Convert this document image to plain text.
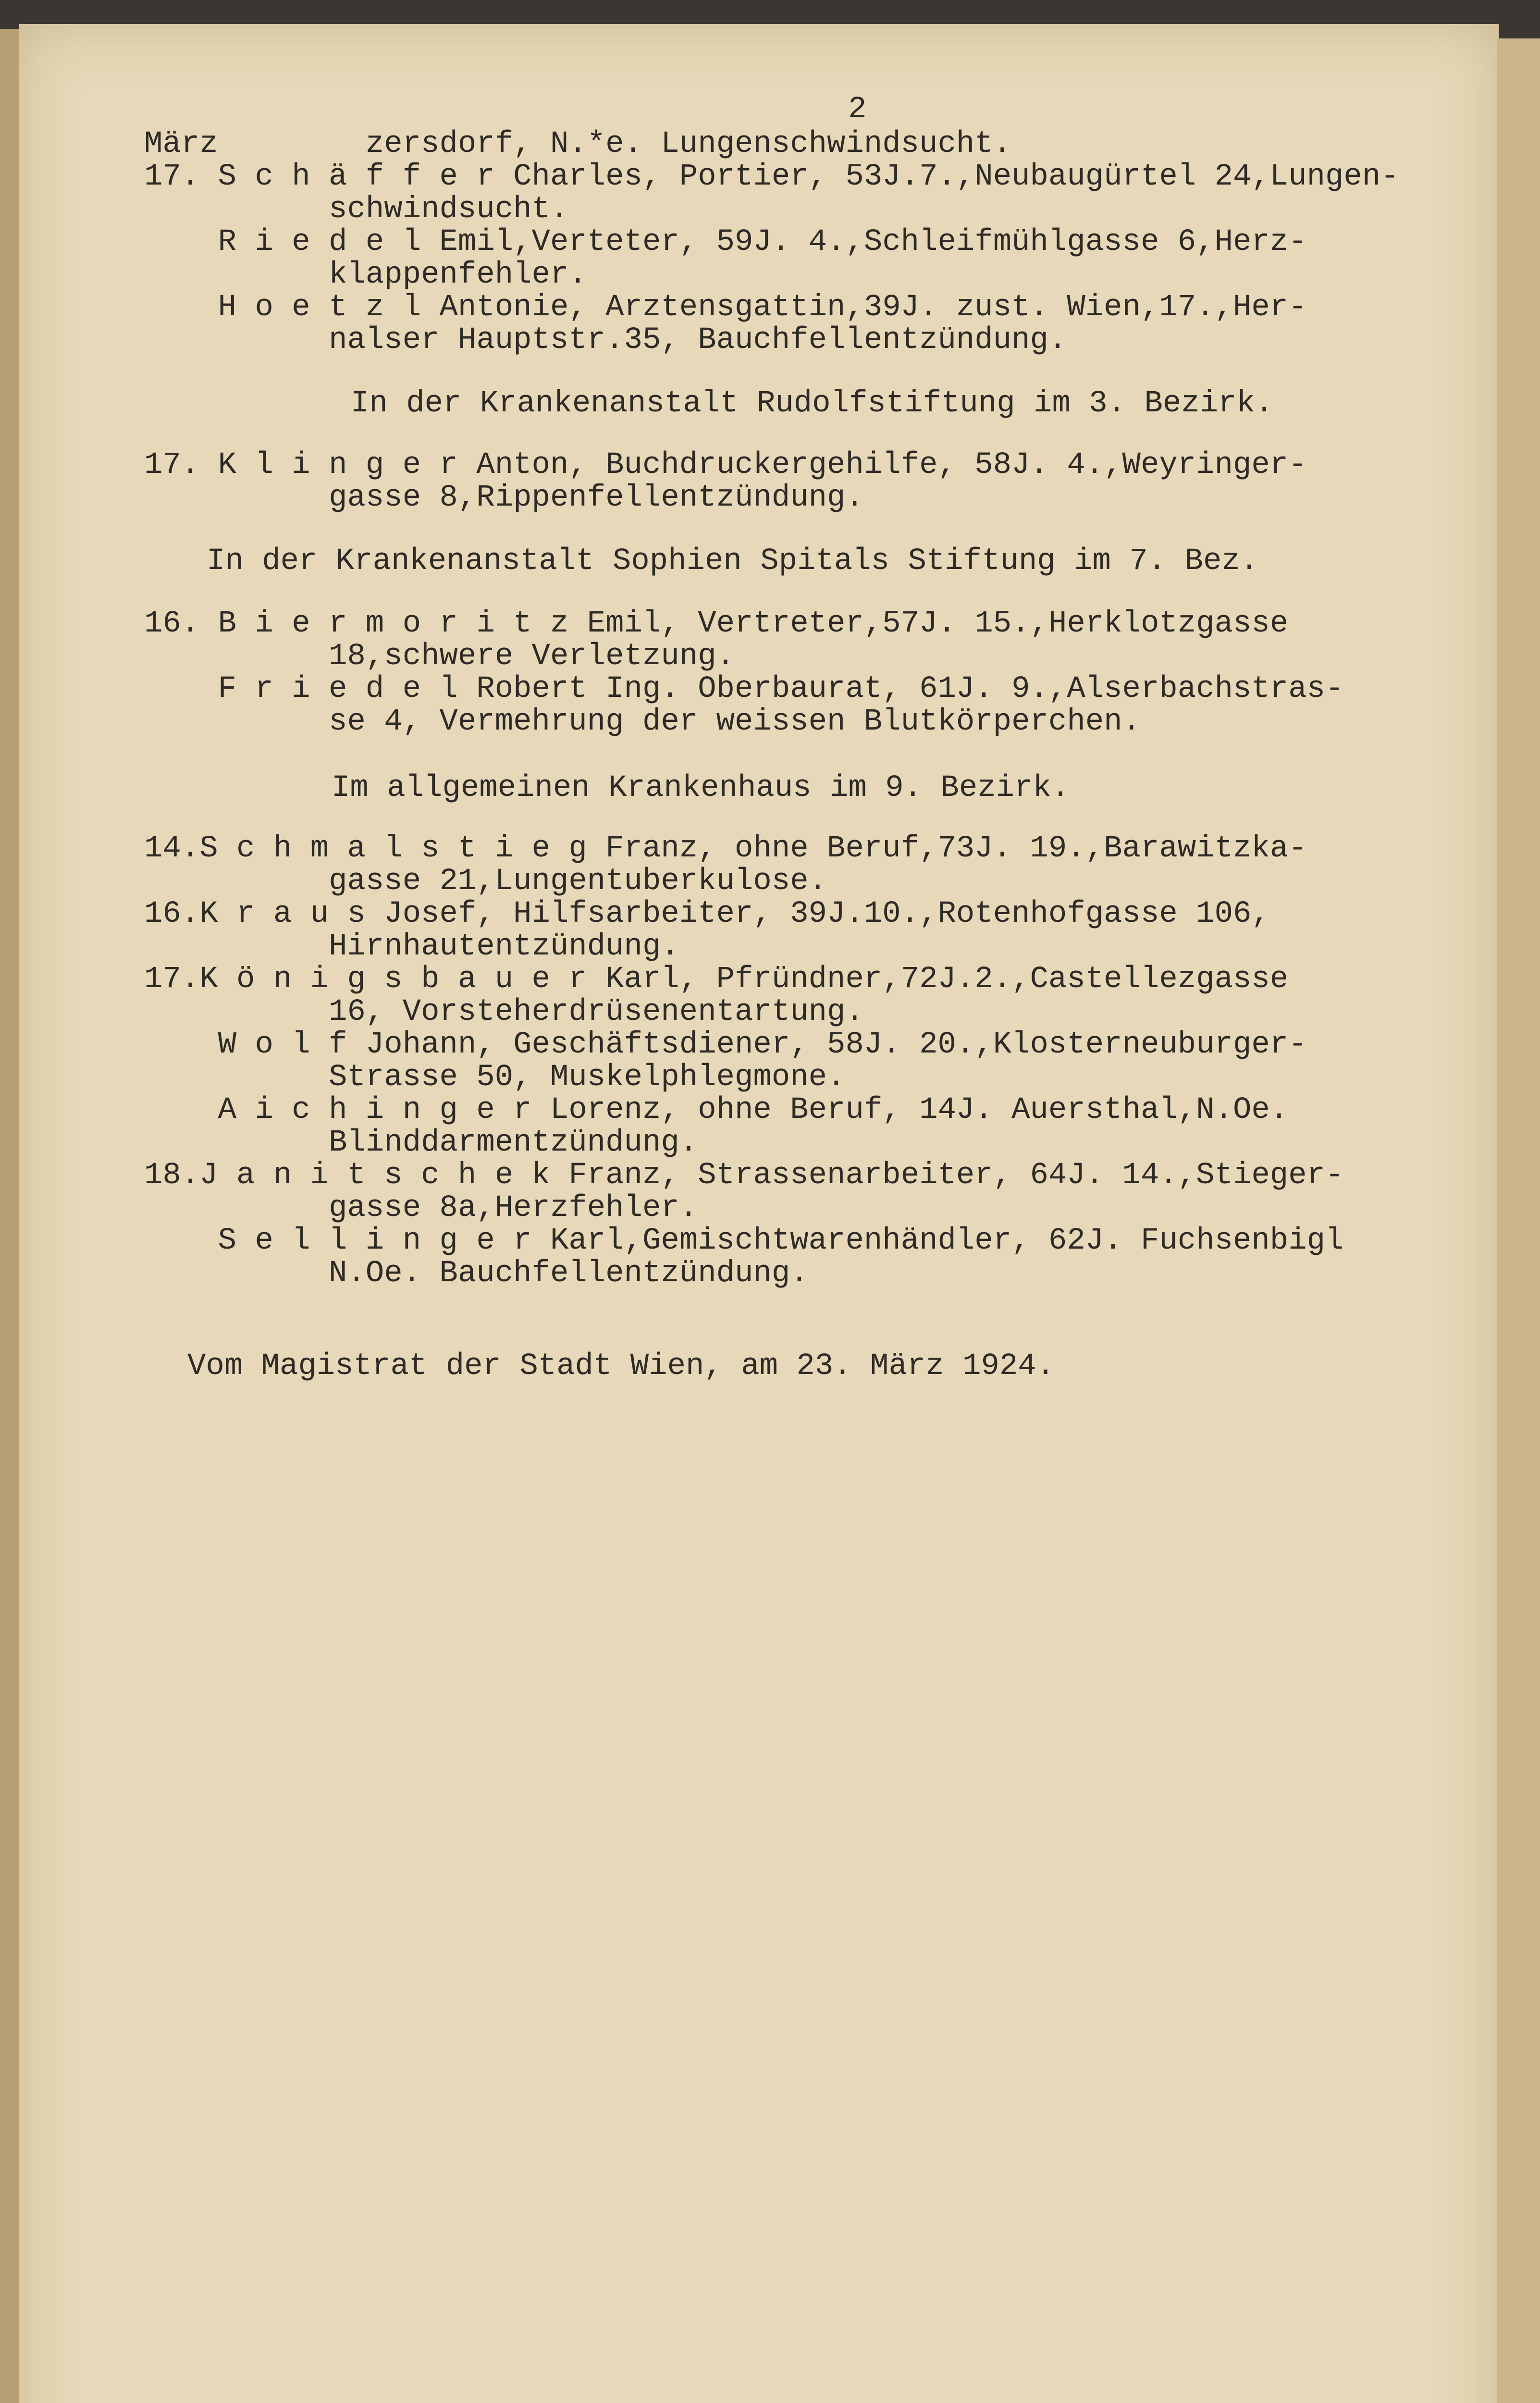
2
März        zersdorf, N.*e. Lungenschwindsucht.
17. S c h ä f f e r Charles, Portier, 53J.7.,Neubaugürtel 24,Lungen-
schwindsucht.
R i e d e l Emil,Verteter, 59J. 4.,Schleifmühlgasse 6,Herz-
klappenfehler.
H o e t z l Antonie, Arztensgattin,39J. zust. Wien,17.,Her-
nalser Hauptstr.35, Bauchfellentzündung.
In der Krankenanstalt Rudolfstiftung im 3. Bezirk.
17. K l i n g e r Anton, Buchdruckergehilfe, 58J. 4.,Weyringer-
gasse 8,Rippenfellentzündung.
In der Krankenanstalt Sophien Spitals Stiftung im 7. Bez.
16. B i e r m o r i t z Emil, Vertreter,57J. 15.,Herklotzgasse
18,schwere Verletzung.
F r i e d e l Robert Ing. Oberbaurat, 61J. 9.,Alserbachstras-
se 4, Vermehrung der weissen Blutkörperchen.
Im allgemeinen Krankenhaus im 9. Bezirk.
14.S c h m a l s t i e g Franz, ohne Beruf,73J. 19.,Barawitzka-
gasse 21,Lungentuberkulose.
16.K r a u s Josef, Hilfsarbeiter, 39J.10.,Rotenhofgasse 106,
Hirnhautentzündung.
17.K ö n i g s b a u e r Karl, Pfründner,72J.2.,Castellezgasse
16, Vorsteherdrüsenentartung.
W o l f Johann, Geschäftsdiener, 58J. 20.,Klosterneuburger-
Strasse 50, Muskelphlegmone.
A i c h i n g e r Lorenz, ohne Beruf, 14J. Auersthal,N.Oe.
Blinddarmentzündung.
18.J a n i t s c h e k Franz, Strassenarbeiter, 64J. 14.,Stieger-
gasse 8a,Herzfehler.
S e l l i n g e r Karl,Gemischtwarenhändler, 62J. Fuchsenbigl
N.Oe. Bauchfellentzündung.
Vom Magistrat der Stadt Wien, am 23. März 1924.
